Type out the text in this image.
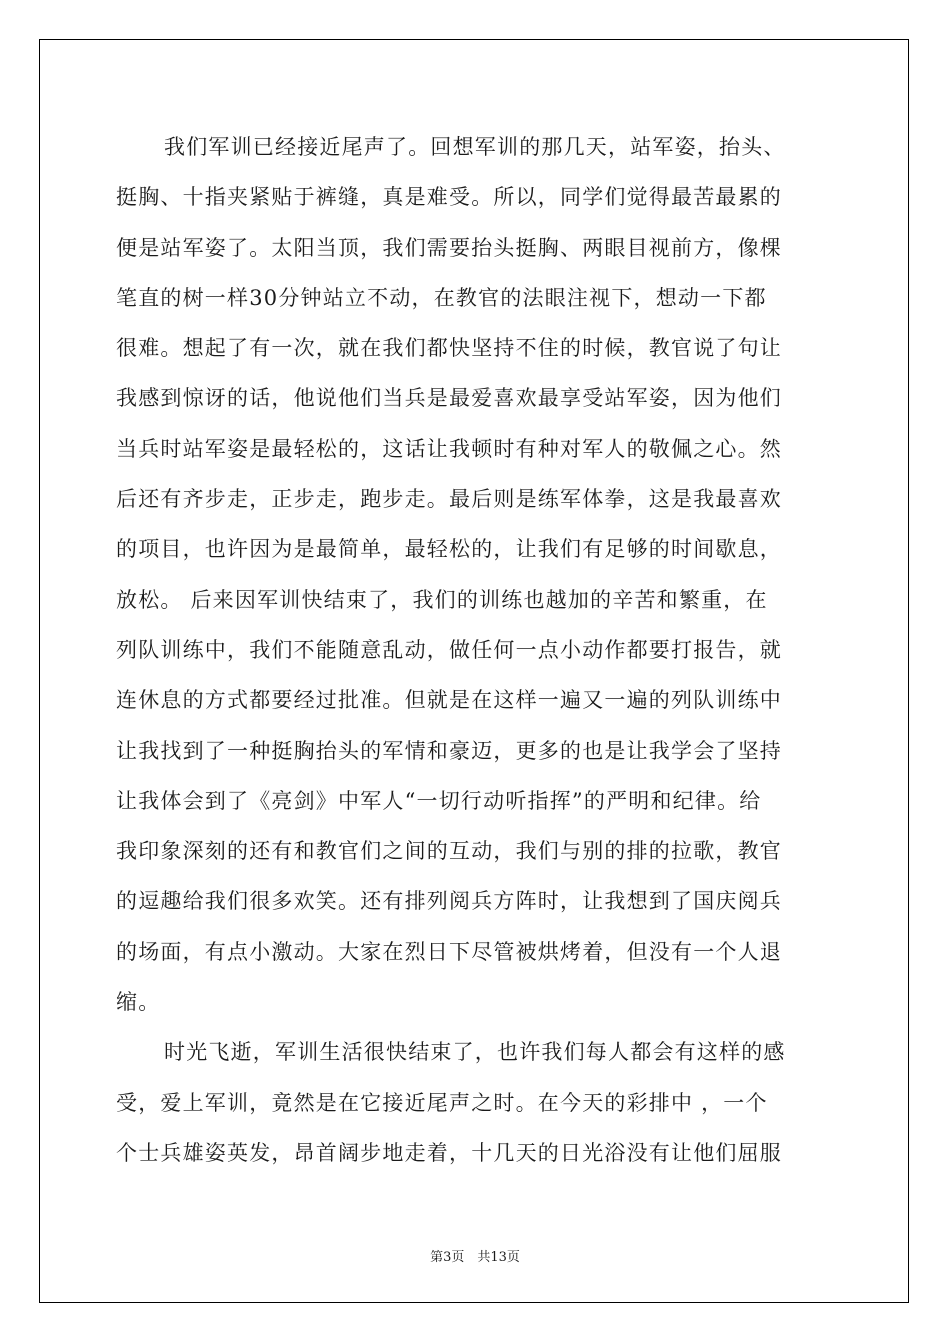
我们军训已经接近尾声了。回想军训的那几天，站军姿，抬头、
挺胸、十指夹紧贴于裤缝，真是难受。所以，同学们觉得最苦最累的
便是站军姿了。太阳当顶，我们需要抬头挺胸、两眼目视前方，像棵
笔直的树一样30分钟站立不动，在教官的法眼注视下，想动一下都
很难。想起了有一次，就在我们都快坚持不住的时候，教官说了句让
我感到惊讶的话，他说他们当兵是最爱喜欢最享受站军姿，因为他们
当兵时站军姿是最轻松的，这话让我顿时有种对军人的敬佩之心。然
后还有齐步走，正步走，跑步走。最后则是练军体拳，这是我最喜欢
的项目，也许因为是最简单，最轻松的，让我们有足够的时间歇息，
放松。 后来因军训快结束了，我们的训练也越加的辛苦和繁重，在
列队训练中，我们不能随意乱动，做任何一点小动作都要打报告，就
连休息的方式都要经过批准。但就是在这样一遍又一遍的列队训练中
让我找到了一种挺胸抬头的军情和豪迈，更多的也是让我学会了坚持
让我体会到了《亮剑》中军人“一切行动听指挥”的严明和纪律。给
我印象深刻的还有和教官们之间的互动，我们与别的排的拉歌，教官
的逗趣给我们很多欢笑。还有排列阅兵方阵时，让我想到了国庆阅兵
的场面，有点小激动。大家在烈日下尽管被烘烤着，但没有一个人退
缩。
时光飞逝，军训生活很快结束了，也许我们每人都会有这样的感
受，爱上军训，竟然是在它接近尾声之时。在今天的彩排中 ，一个
个士兵雄姿英发，昂首阔步地走着，十几天的日光浴没有让他们屈服
第3页　共13页
